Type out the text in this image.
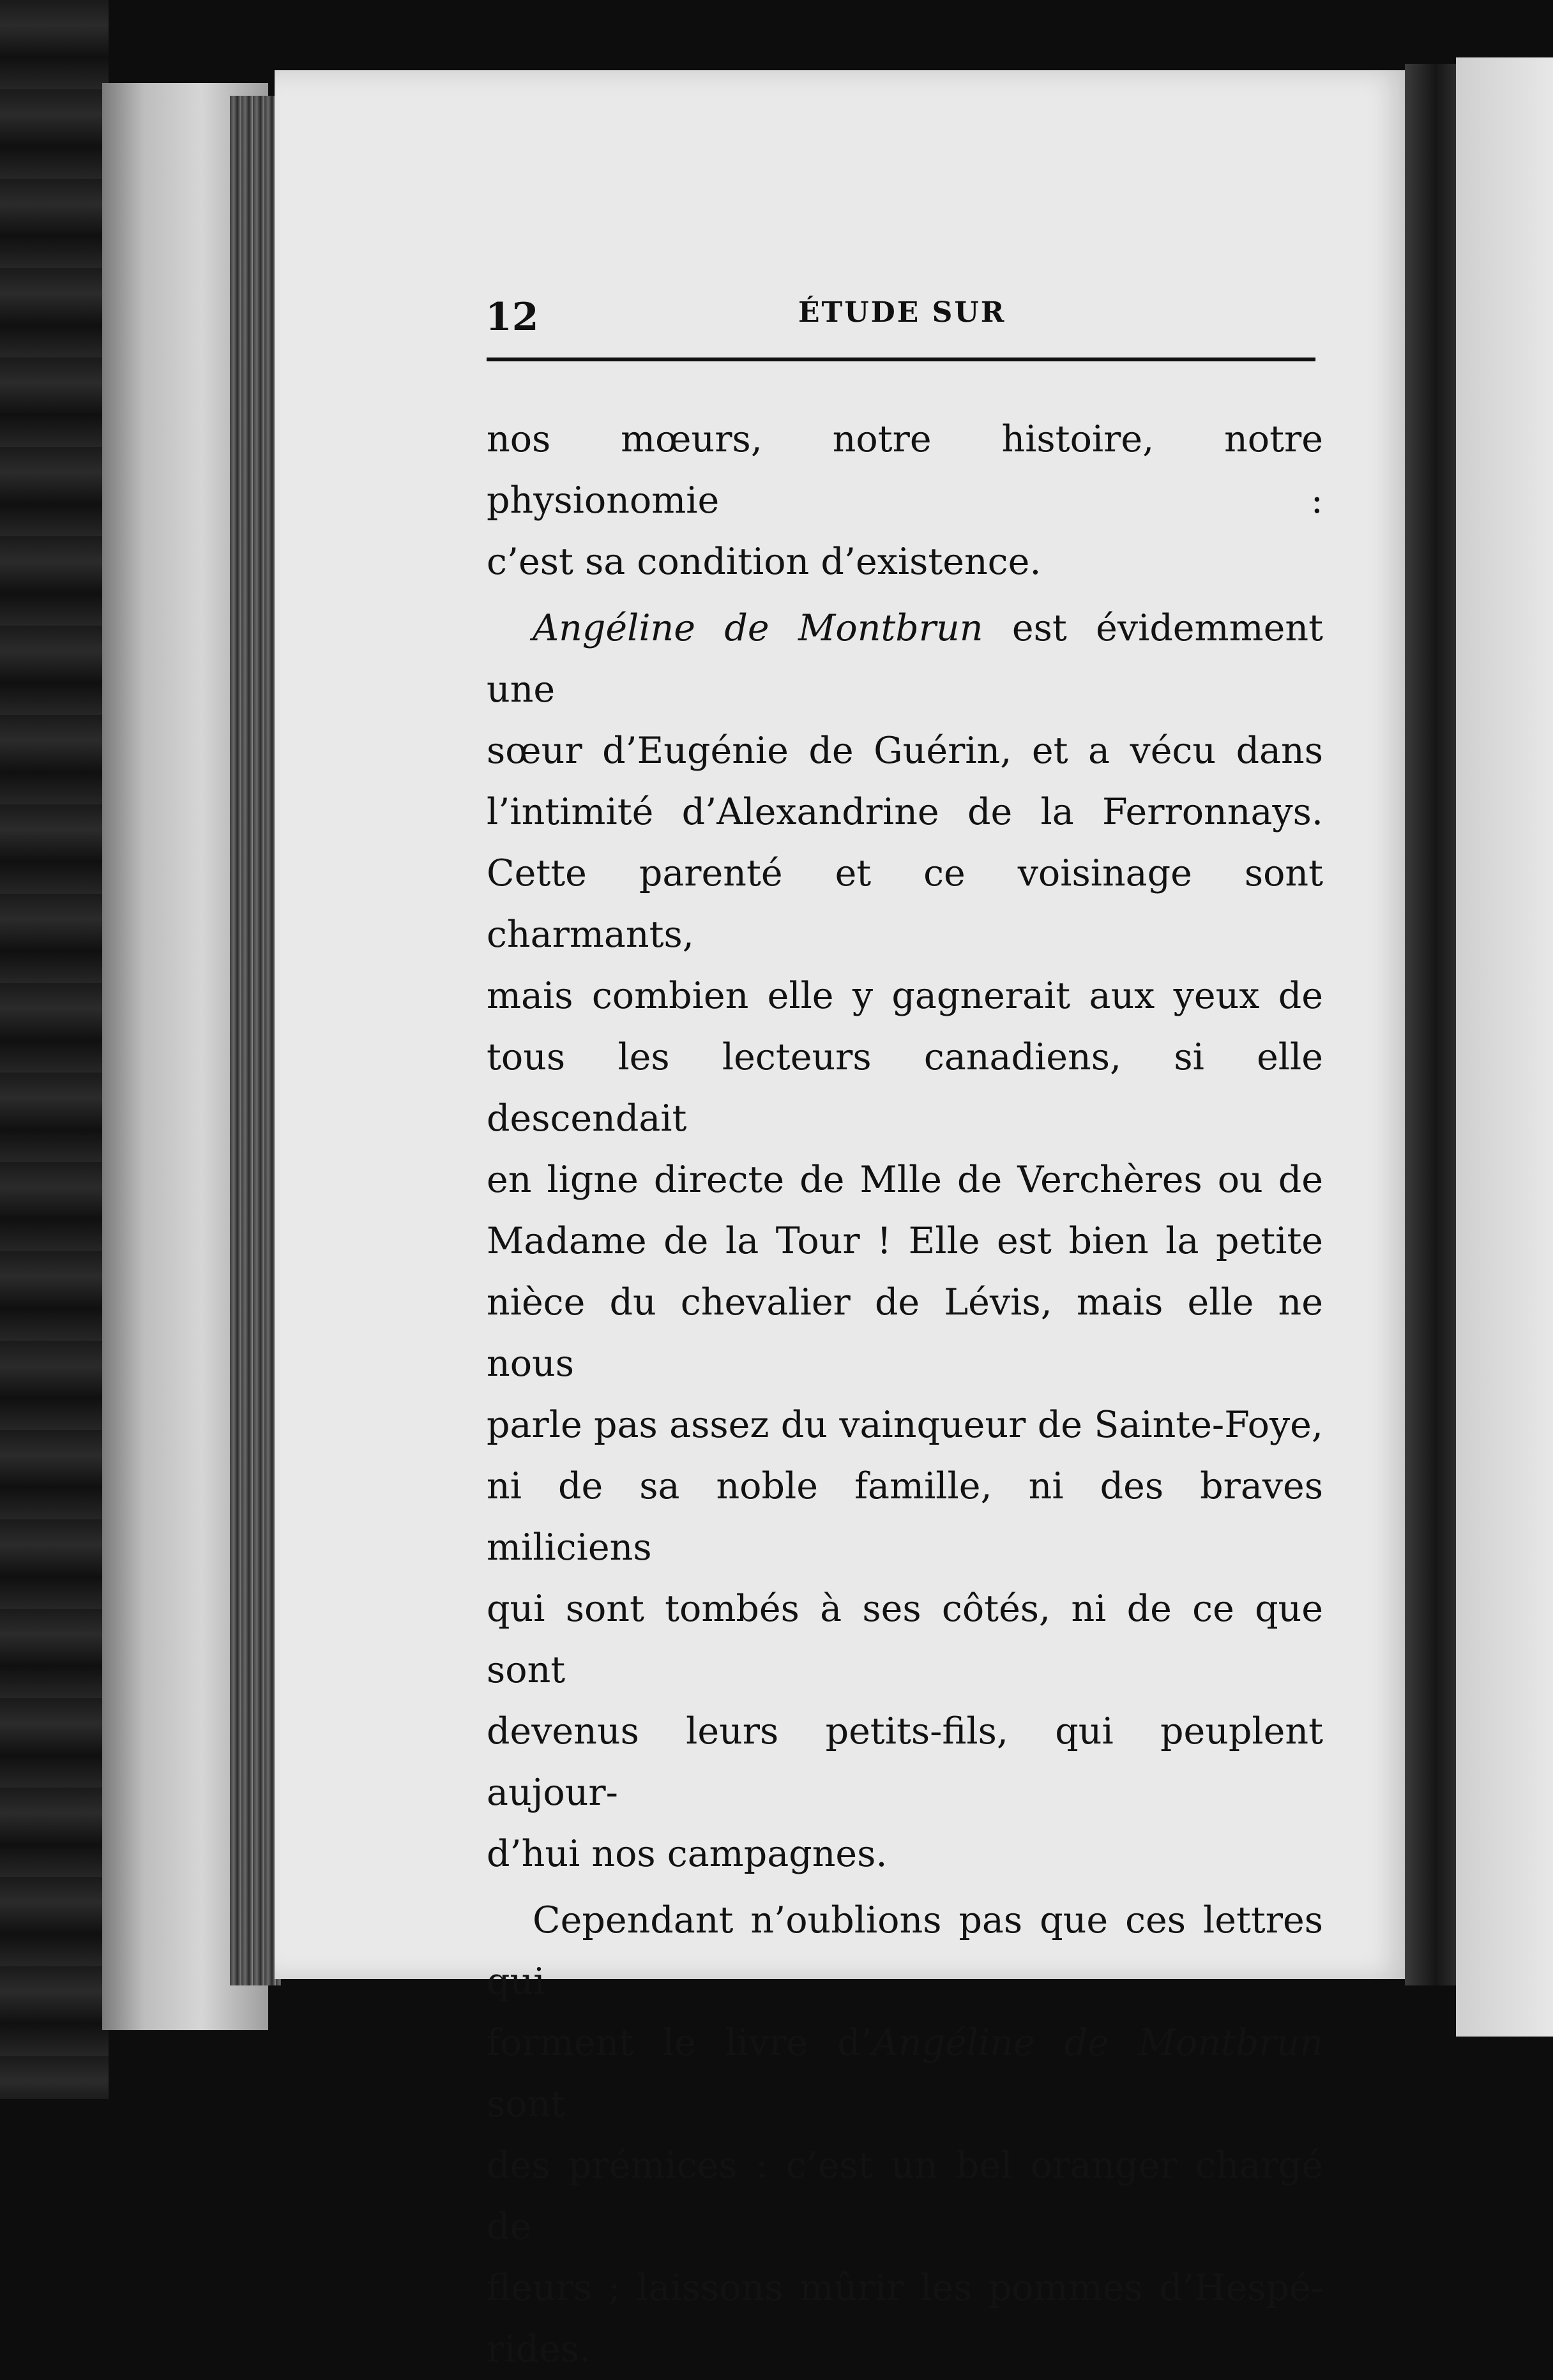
12	ÉTUDE SUR

nos mœurs, notre histoire, notre physionomie :
c’est sa condition d’existence.

Angéline de Montbrun est évidemment une
sœur d’Eugénie de Guérin, et a vécu dans
l’intimité d’Alexandrine de la Ferronnays.
Cette parenté et ce voisinage sont charmants,
mais combien elle y gagnerait aux yeux de
tous les lecteurs canadiens, si elle descendait
en ligne directe de Mlle de Verchères ou de
Madame de la Tour ! Elle est bien la petite
nièce du chevalier de Lévis, mais elle ne nous
parle pas assez du vainqueur de Sainte-Foye,
ni de sa noble famille, ni des braves miliciens
qui sont tombés à ses côtés, ni de ce que sont
devenus leurs petits-fils, qui peuplent aujour-
d’hui nos campagnes.

Cependant n’oublions pas que ces lettres qui
forment le livre d’Angéline de Montbrun sont
des prémices : c’est un bel oranger chargé de
fleurs ; laissons mûrir les pommes d’Hespé-
rides.
